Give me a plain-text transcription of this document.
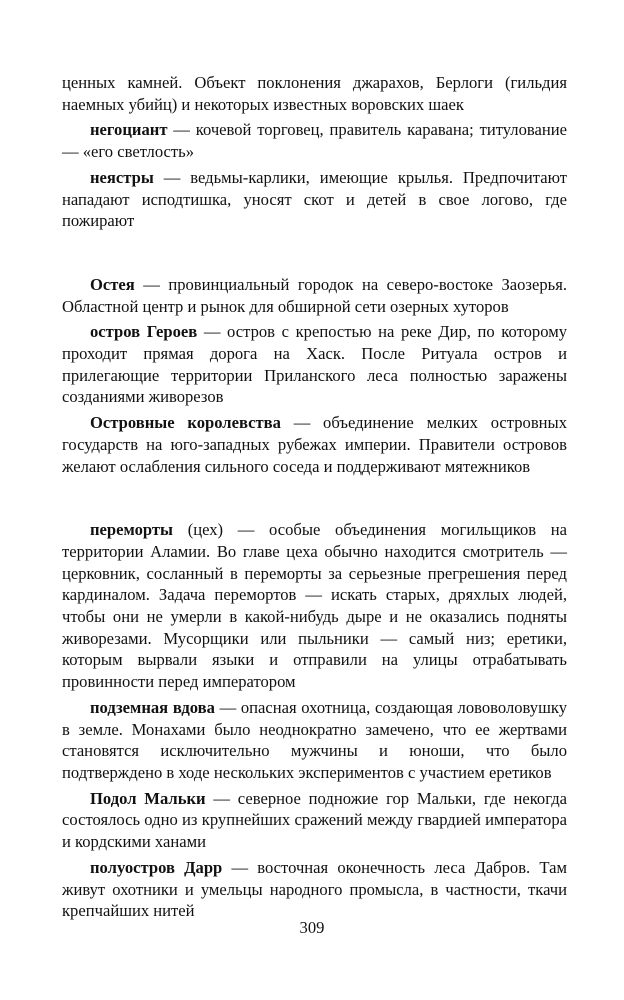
ценных камней. Объект поклонения джарахов, Берлоги (гильдия наемных убийц) и некоторых известных воровских шаек

негоциант — кочевой торговец, правитель каравана; титулование — «его светлость»

неястры — ведьмы-карлики, имеющие крылья. Предпочитают нападают исподтишка, уносят скот и детей в свое логово, где пожирают

Остея — провинциальный городок на северо-востоке Заозерья. Областной центр и рынок для обширной сети озерных хуторов

остров Героев — остров с крепостью на реке Дир, по которому проходит прямая дорога на Хаск. После Ритуала остров и прилегающие территории Приланского леса полностью заражены созданиями живорезов

Островные королевства — объединение мелких островных государств на юго-западных рубежах империи. Правители островов желают ослабления сильного соседа и поддерживают мятежников

переморты (цех) — особые объединения могильщиков на территории Аламии. Во главе цеха обычно находится смотритель — церковник, сосланный в переморты за серьезные прегрешения перед кардиналом. Задача перемортов — искать старых, дряхлых людей, чтобы они не умерли в какой-нибудь дыре и не оказались подняты живорезами. Мусорщики или пыльники — самый низ; еретики, которым вырвали языки и отправили на улицы отрабатывать провинности перед императором

подземная вдова — опасная охотница, создающая лововоловушку в земле. Монахами было неоднократно замечено, что ее жертвами становятся исключительно мужчины и юноши, что было подтверждено в ходе нескольких экспериментов с участием еретиков

Подол Мальки — северное подножие гор Мальки, где некогда состоялось одно из крупнейших сражений между гвардией императора и кордскими ханами

полуостров Дарр — восточная оконечность леса Дабров. Там живут охотники и умельцы народного промысла, в частности, ткачи крепчайших нитей

309
